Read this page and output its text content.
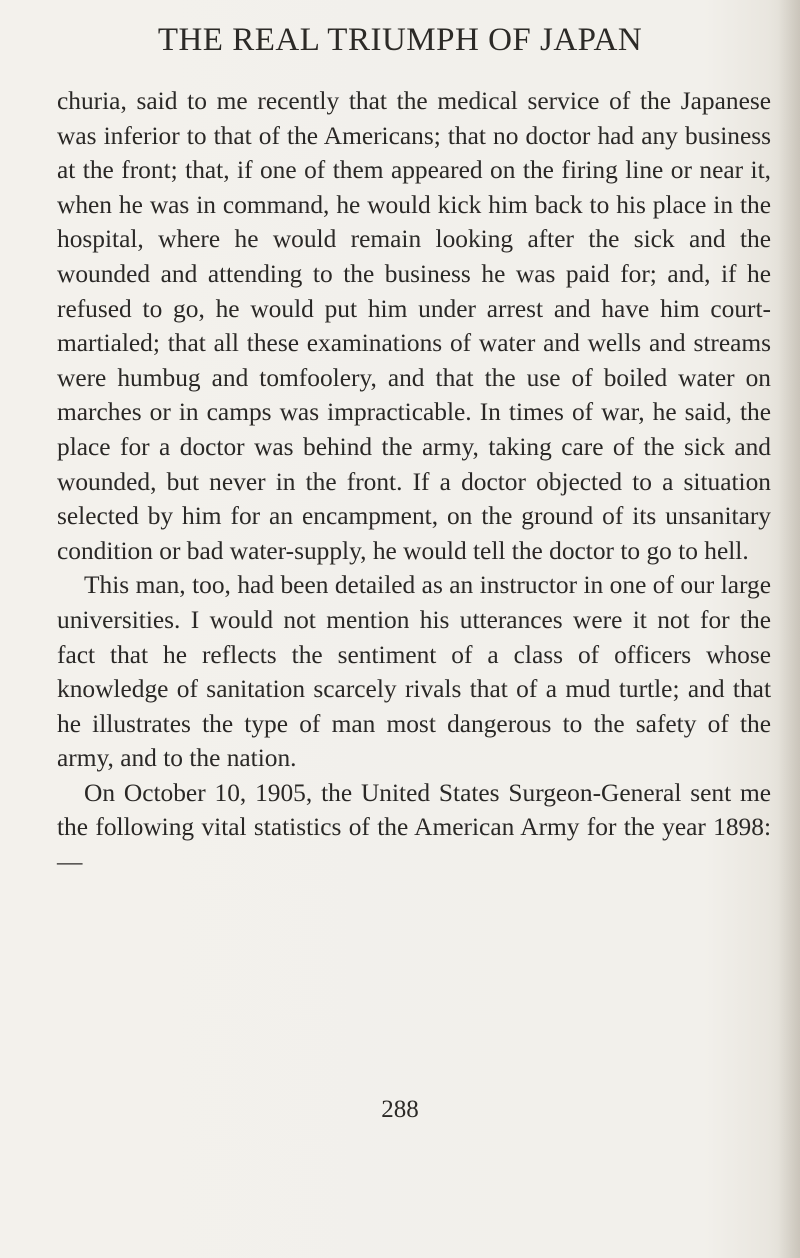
THE REAL TRIUMPH OF JAPAN

churia, said to me recently that the medical service of the Japanese was inferior to that of the Americans; that no doctor had any business at the front; that, if one of them appeared on the firing line or near it, when he was in command, he would kick him back to his place in the hospital, where he would remain looking after the sick and the wounded and attending to the business he was paid for; and, if he refused to go, he would put him under arrest and have him court-martialed; that all these examinations of water and wells and streams were humbug and tomfoolery, and that the use of boiled water on marches or in camps was impracticable. In times of war, he said, the place for a doctor was behind the army, taking care of the sick and wounded, but never in the front. If a doctor objected to a situation selected by him for an encampment, on the ground of its unsanitary condition or bad water-supply, he would tell the doctor to go to hell.

This man, too, had been detailed as an instructor in one of our large universities. I would not mention his utterances were it not for the fact that he reflects the sentiment of a class of officers whose knowledge of sanitation scarcely rivals that of a mud turtle; and that he illustrates the type of man most dangerous to the safety of the army, and to the nation.

On October 10, 1905, the United States Surgeon-General sent me the following vital statistics of the American Army for the year 1898: —

288
